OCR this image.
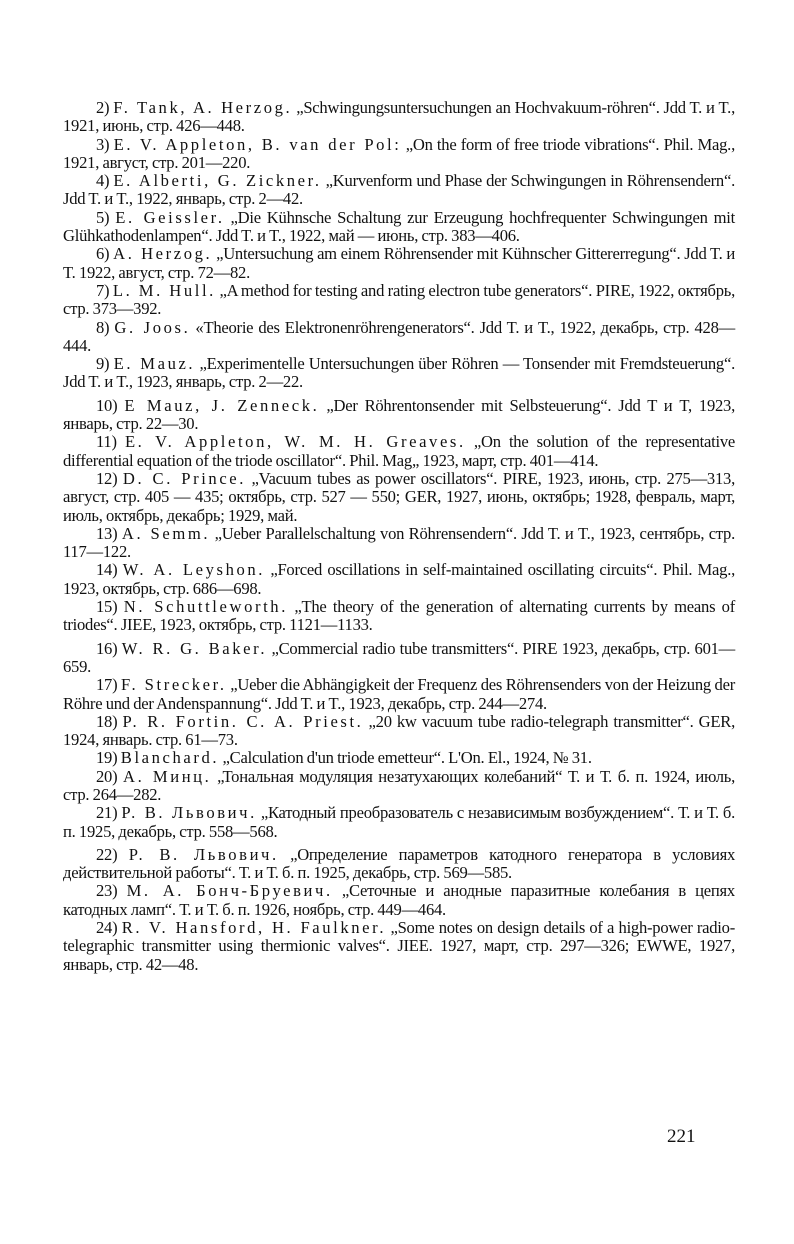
2) F. Tank, A. Herzog. „Schwingungsuntersuchungen an Hochvakuum-röhren“. Jdd T. и T., 1921, июнь, стр. 426—448.

3) E. V. Appleton, B. van der Pol: „On the form of free triode vibrations“. Phil. Mag., 1921, август, стр. 201—220.

4) E. Alberti, G. Zickner. „Kurvenform und Phase der Schwingungen in Röhrensendern“. Jdd T. и T., 1922, январь, стр. 2—42.

5) E. Geissler. „Die Kühnsche Schaltung zur Erzeugung hochfrequenter Schwingungen mit Glühkathodenlampen“. Jdd T. и T., 1922, май — июнь, стр. 383—406.

6) A. Herzog. „Untersuchung am einem Röhrensender mit Kühnscher Gittererregung“. Jdd T. и T. 1922, август, стр. 72—82.

7) L. M. Hull. „A method for testing and rating electron tube generators“. PIRE, 1922, октябрь, стр. 373—392.

8) G. Joos. «Theorie des Elektronenröhrengenerators“. Jdd T. и T., 1922, декабрь, стр. 428—444.

9) E. Mauz. „Experimentelle Untersuchungen über Röhren — Tonsender mit Fremdsteuerung“. Jdd T. и T., 1923, январь, стр. 2—22.

10) E Mauz, J. Zenneck. „Der Röhrentonsender mit Selbsteuerung“. Jdd T и T, 1923, январь, стр. 22—30.

11) E. V. Appleton, W. M. H. Greaves. „On the solution of the representative differential equation of the triode oscillator“. Phil. Mag„ 1923, март, стр. 401—414.

12) D. C. Prince. „Vacuum tubes as power oscillators“. PIRE, 1923, июнь, стр. 275—313, август, стр. 405 — 435; октябрь, стр. 527 — 550; GER, 1927, июнь, октябрь; 1928, февраль, март, июль, октябрь, декабрь; 1929, май.

13) A. Semm. „Ueber Parallelschaltung von Röhrensendern“. Jdd T. и T., 1923, сентябрь, стр. 117—122.

14) W. A. Leyshon. „Forced oscillations in self-maintained oscillating circuits“. Phil. Mag., 1923, октябрь, стр. 686—698.

15) N. Schuttleworth. „The theory of the generation of alternating currents by means of triodes“. JIEE, 1923, октябрь, стр. 1121—1133.

16) W. R. G. Baker. „Commercial radio tube transmitters“. PIRE 1923, декабрь, стр. 601—659.

17) F. Strecker. „Ueber die Abhängigkeit der Frequenz des Röhrensenders von der Heizung der Röhre und der Andenspannung“. Jdd T. и T., 1923, декабрь, стр. 244—274.

18) P. R. Fortin. C. A. Priest. „20 kw vacuum tube radio-telegraph transmitter“. GER, 1924, январь. стр. 61—73.

19) Blanchard. „Calculation d'un triode emetteur“. L'On. El., 1924, № 31.

20) А. Минц. „Тональная модуляция незатухающих колебаний“ Т. и Т. б. п. 1924, июль, стр. 264—282.

21) Р. В. Львович. „Катодный преобразователь с независимым возбуждением“. Т. и Т. б. п. 1925, декабрь, стр. 558—568.

22) Р. В. Львович. „Определение параметров катодного генератора в условиях действительной работы“. Т. и Т. б. п. 1925, декабрь, стр. 569—585.

23) М. А. Бонч-Бруевич. „Сеточные и анодные паразитные колебания в цепях катодных ламп“. Т. и Т. б. п. 1926, ноябрь, стр. 449—464.

24) R. V. Hansford, H. Faulkner. „Some notes on design details of a high-power radio-telegraphic transmitter using thermionic valves“. JIEE. 1927, март, стр. 297—326; EWWE, 1927, январь, стр. 42—48.

221
